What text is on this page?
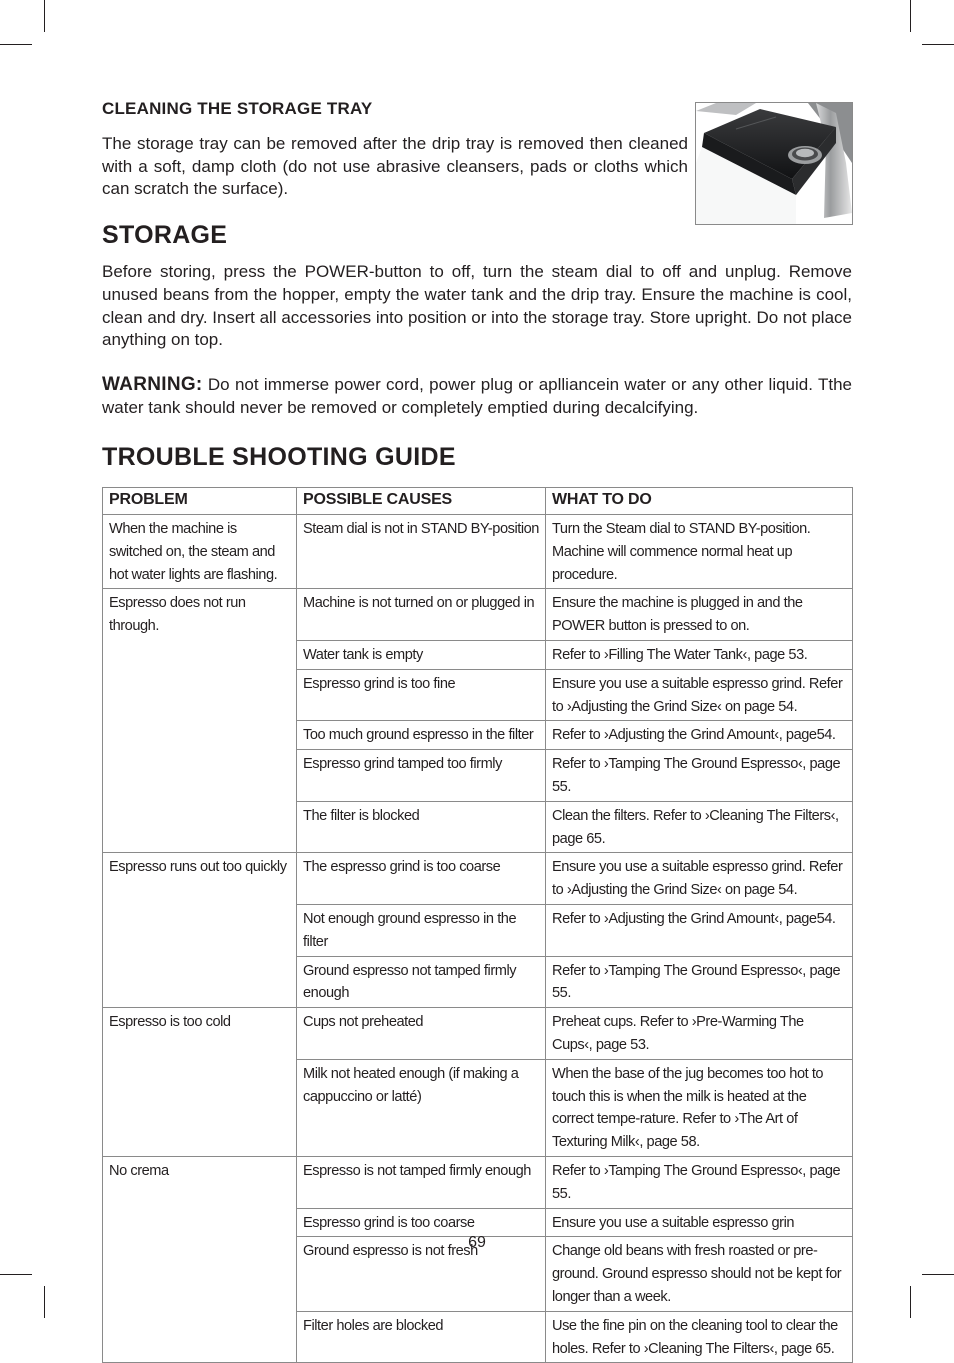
CLEANING THE STORAGE TRAY

The storage tray can be removed after the drip tray is removed then cleaned with a soft, damp cloth (do not use abrasive cleansers, pads or cloths which can scratch the surface).

STORAGE

Before storing, press the POWER-button to off, turn the steam dial to off and unplug. Remove unused beans from the hopper, empty the water tank and the drip tray. Ensure the machine is cool, clean and dry. Insert all accessories into position or into the storage tray. Store upright. Do not place anything on top.

WARNING: Do not immerse power cord, power plug or aplliancein water or any other liquid. Tthe water tank should never be removed or completely emptied during decalcifying.

TROUBLE SHOOTING GUIDE
PROBLEM	POSSIBLE CAUSES	WHAT TO DO
When the machine is switched on, the steam and hot water lights are flashing.	Steam dial is not in STAND BY-position	Turn the Steam dial to STAND BY-position. Machine will commence normal heat up procedure.
Espresso does not run through.	Machine is not turned on or plugged in	Ensure the machine is plugged in and the POWER button is pressed to on.
	Water tank is empty	Refer to ›Filling The Water Tank‹, page 53.
	Espresso grind is too fine	Ensure you use a suitable espresso grind. Refer to ›Adjusting the Grind Size‹ on page 54.
	Too much ground espresso in the filter	Refer to ›Adjusting the Grind Amount‹, page54.
	Espresso grind tamped too firmly	Refer to ›Tamping The Ground Espresso‹, page 55.
	The filter is blocked	Clean the filters. Refer to ›Cleaning The Filters‹, page 65.
Espresso runs out too quickly	The espresso grind is too coarse	Ensure you use a suitable espresso grind. Refer to ›Adjusting the Grind Size‹ on page 54.
	Not enough ground espresso in the filter	Refer to ›Adjusting the Grind Amount‹, page54.
	Ground espresso not tamped firmly enough	Refer to ›Tamping The Ground Espresso‹, page 55.
Espresso is too cold	Cups not preheated	Preheat cups. Refer to ›Pre-Warming The Cups‹, page 53.
	Milk not heated enough (if making a cappuccino or latté)	When the base of the jug becomes too hot to touch this is when the milk is heated at the correct tempe-rature. Refer to ›The Art of Texturing Milk‹, page 58.
No crema	Espresso is not tamped firmly enough	Refer to ›Tamping The Ground Espresso‹, page 55.
	Espresso grind is too coarse	Ensure you use a suitable espresso grin
	Ground espresso is not fresh	Change old beans with fresh roasted or pre-ground. Ground espresso should not be kept for longer than a week.
	Filter holes are blocked	Use the fine pin on the cleaning tool to clear the holes. Refer to ›Cleaning The Filters‹, page 65.
69
